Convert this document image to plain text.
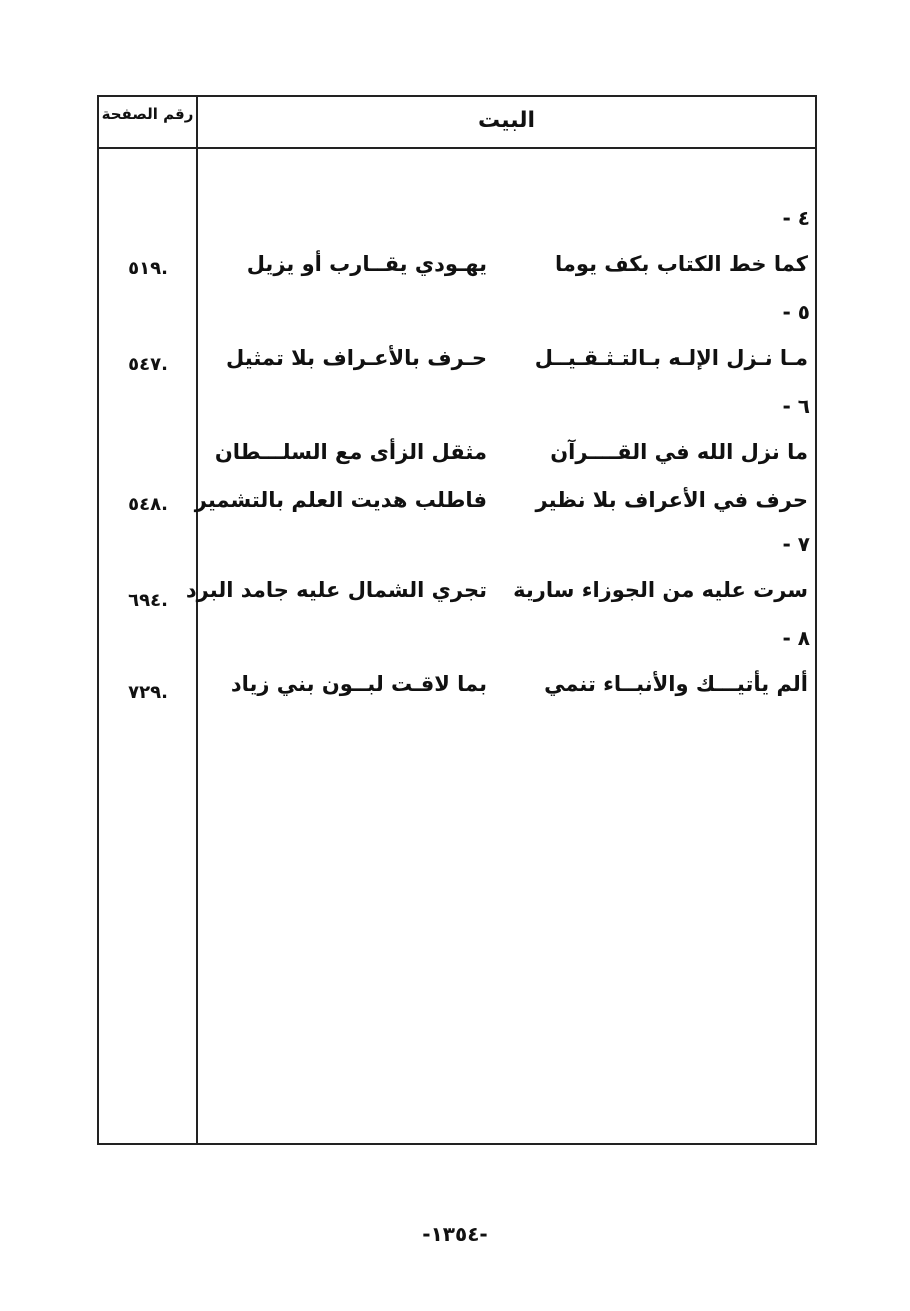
رقم الصفحة	البيت
٤ -
كما خط الكتاب بكف يوما
يهـودي يقــارب أو يزيل
.٥١٩
٥ -
مـا نـزل الإلـه بـالتـثـقـيــل
حـرف بالأعـراف بلا تمثيل
.٥٤٧
٦ -
ما نزل الله في القــــرآن
مثقل الزأى مع السلـــطان
حرف في الأعراف بلا نظير
فاطلب هديت العلم بالتشمير
.٥٤٨
٧ -
سرت عليه من الجوزاء سارية
تجري الشمال عليه جامد البرد
.٦٩٤
٨ -
ألم يأتيـــك والأنبــاء تنمي
بما لاقـت لبــون بني زياد
.٧٢٩
-١٣٥٤-
